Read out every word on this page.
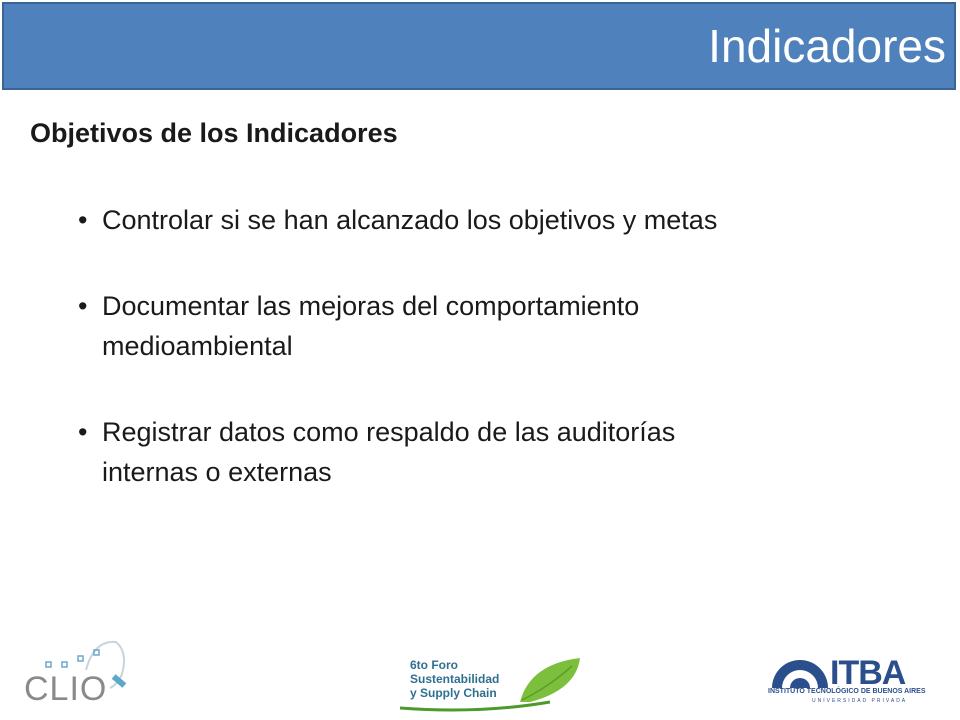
Indicadores
Objetivos de los Indicadores
• Controlar si se han alcanzado los objetivos y metas
• Documentar las mejoras del comportamiento
medioambiental
• Registrar datos como respaldo de las auditorías
internas o externas
CLIO
6to Foro
Sustentabilidad
y Supply Chain
ITBA
INSTITUTO TECNOLÓGICO DE BUENOS AIRES
UNIVERSIDAD PRIVADA
